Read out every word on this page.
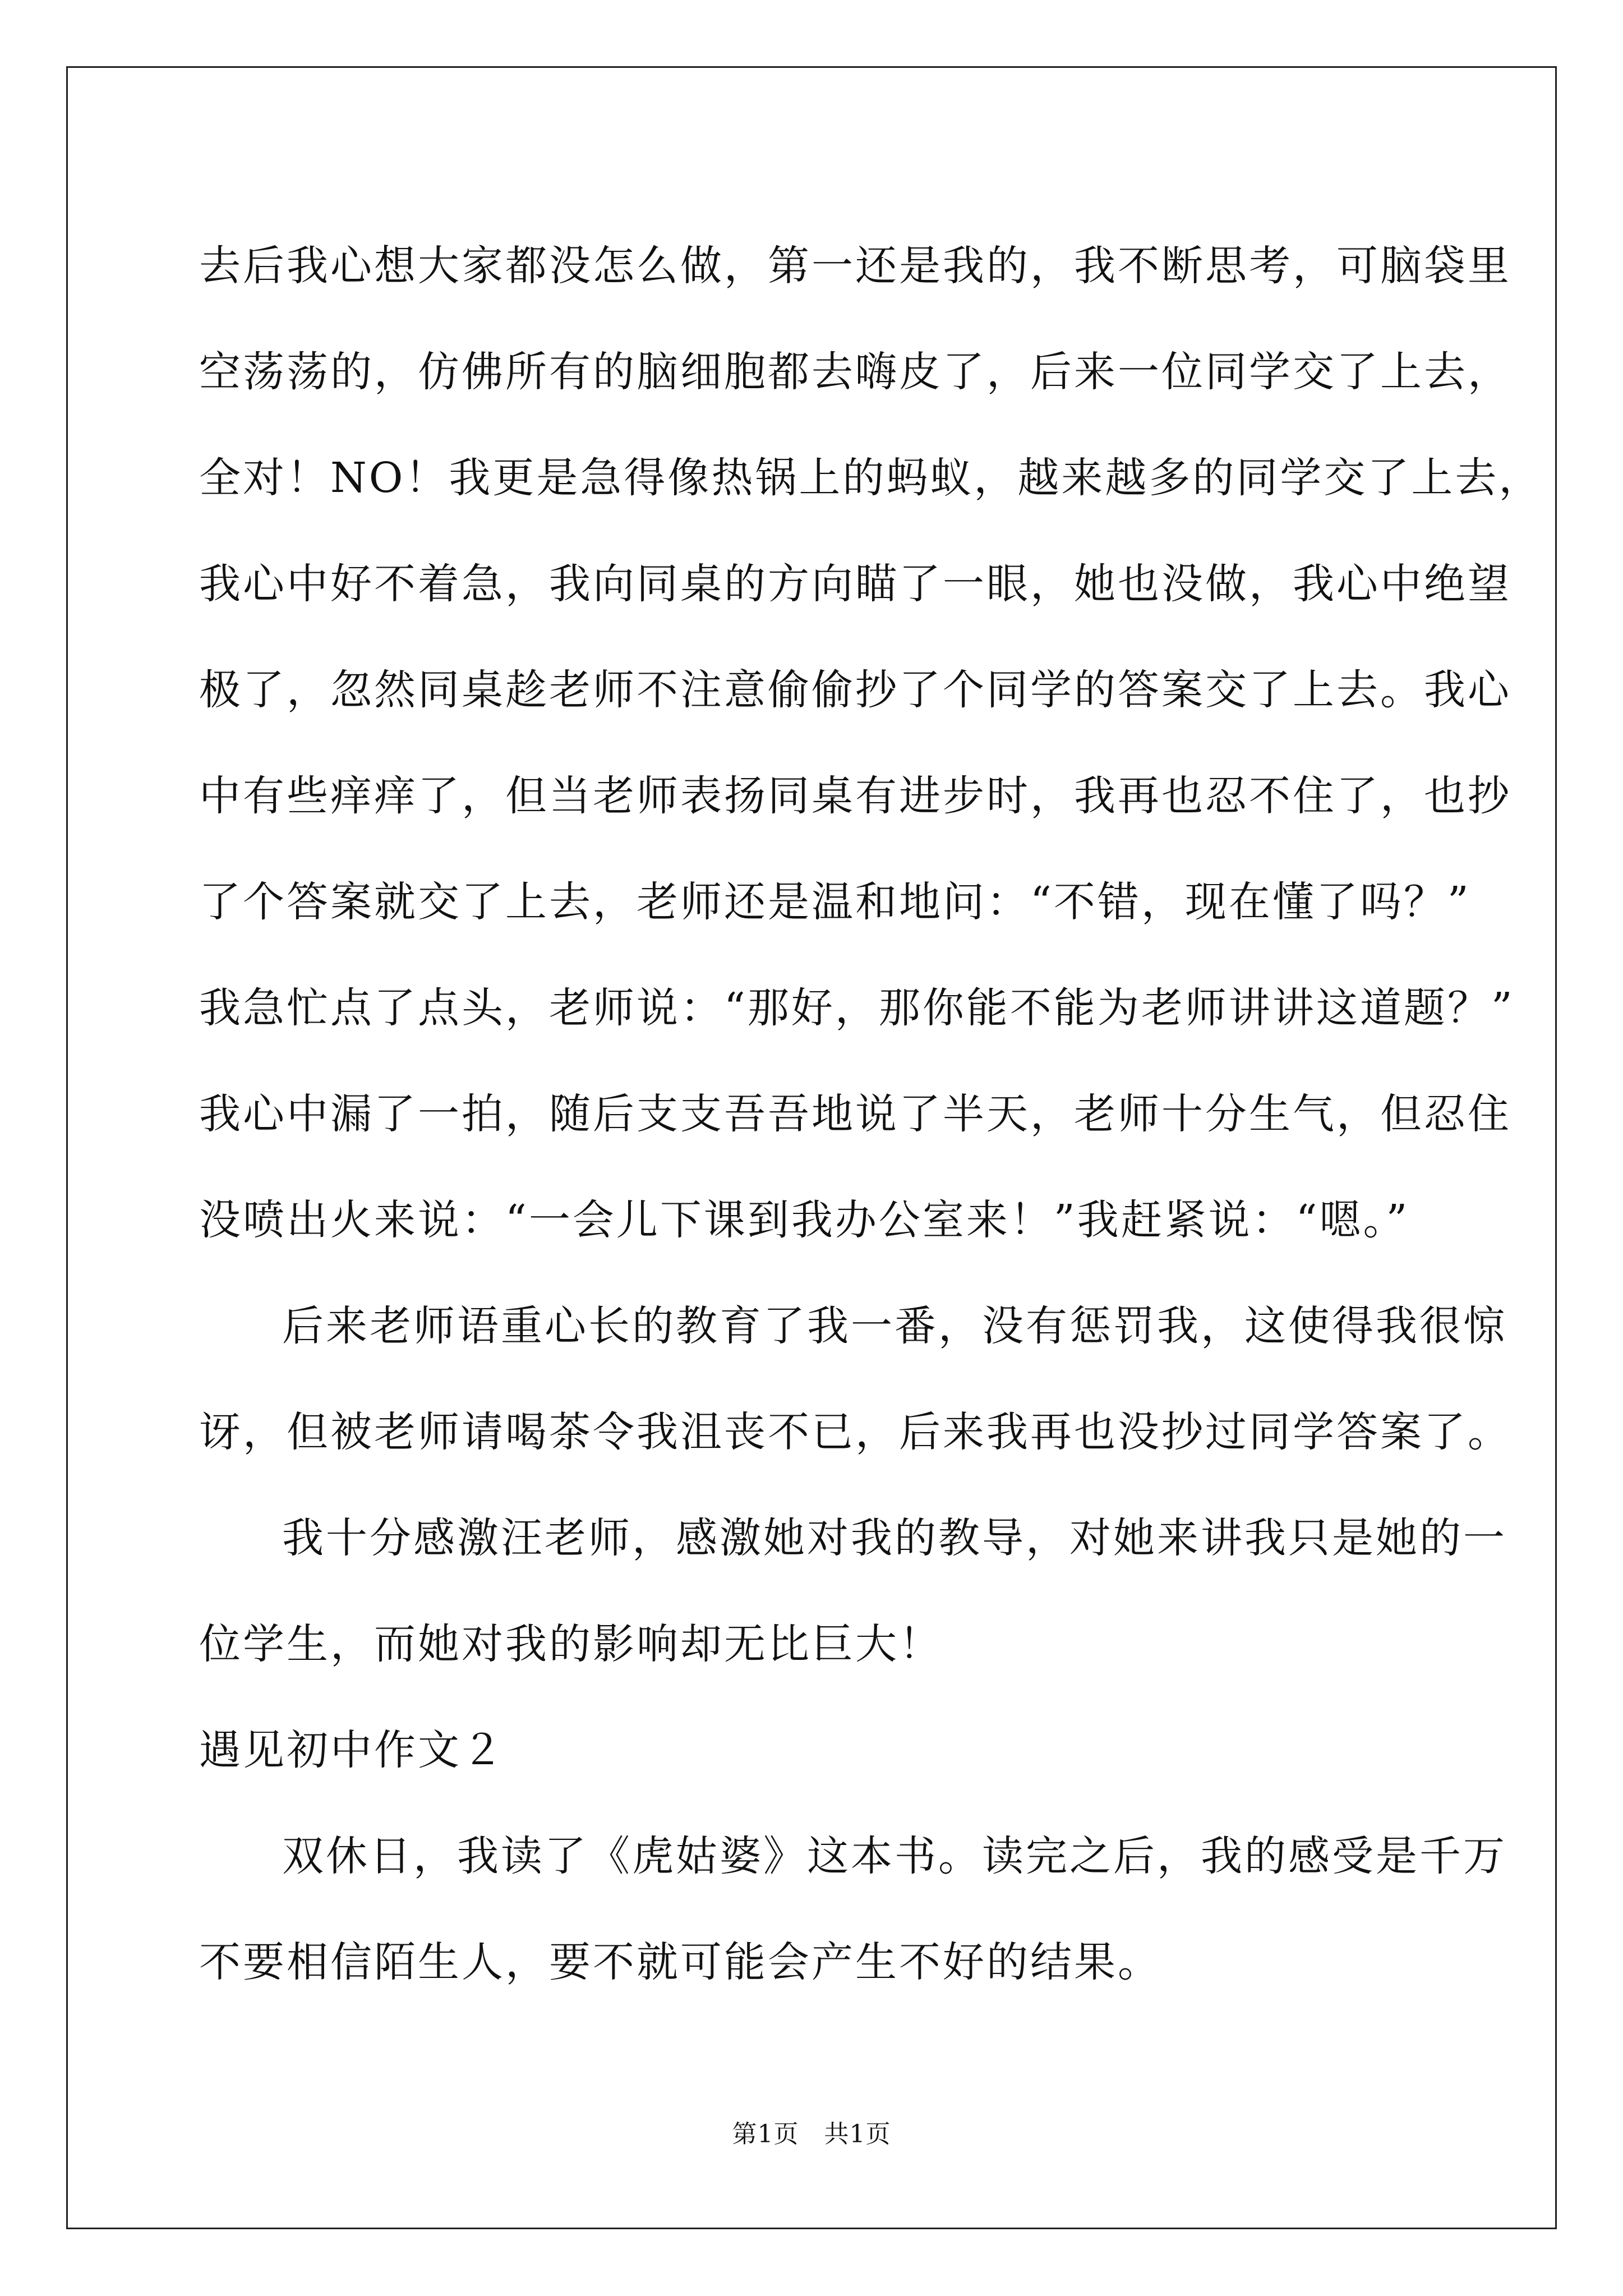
去后我心想大家都没怎么做，第一还是我的，我不断思考，可脑袋里
空荡荡的，仿佛所有的脑细胞都去嗨皮了，后来一位同学交了上去，
全对！NO！我更是急得像热锅上的蚂蚁，越来越多的同学交了上去，
我心中好不着急，我向同桌的方向瞄了一眼，她也没做，我心中绝望
极了，忽然同桌趁老师不注意偷偷抄了个同学的答案交了上去。我心
中有些痒痒了，但当老师表扬同桌有进步时，我再也忍不住了，也抄
了个答案就交了上去，老师还是温和地问：“不错，现在懂了吗？”
我急忙点了点头，老师说：“那好，那你能不能为老师讲讲这道题？”
我心中漏了一拍，随后支支吾吾地说了半天，老师十分生气，但忍住
没喷出火来说：“一会儿下课到我办公室来！”我赶紧说：“嗯。”
后来老师语重心长的教育了我一番，没有惩罚我，这使得我很惊
讶，但被老师请喝茶令我沮丧不已，后来我再也没抄过同学答案了。
我十分感激汪老师，感激她对我的教导，对她来讲我只是她的一
位学生，而她对我的影响却无比巨大！
遇见初中作文２
双休日，我读了《虎姑婆》这本书。读完之后，我的感受是千万
不要相信陌生人，要不就可能会产生不好的结果。
第1页　共1页
